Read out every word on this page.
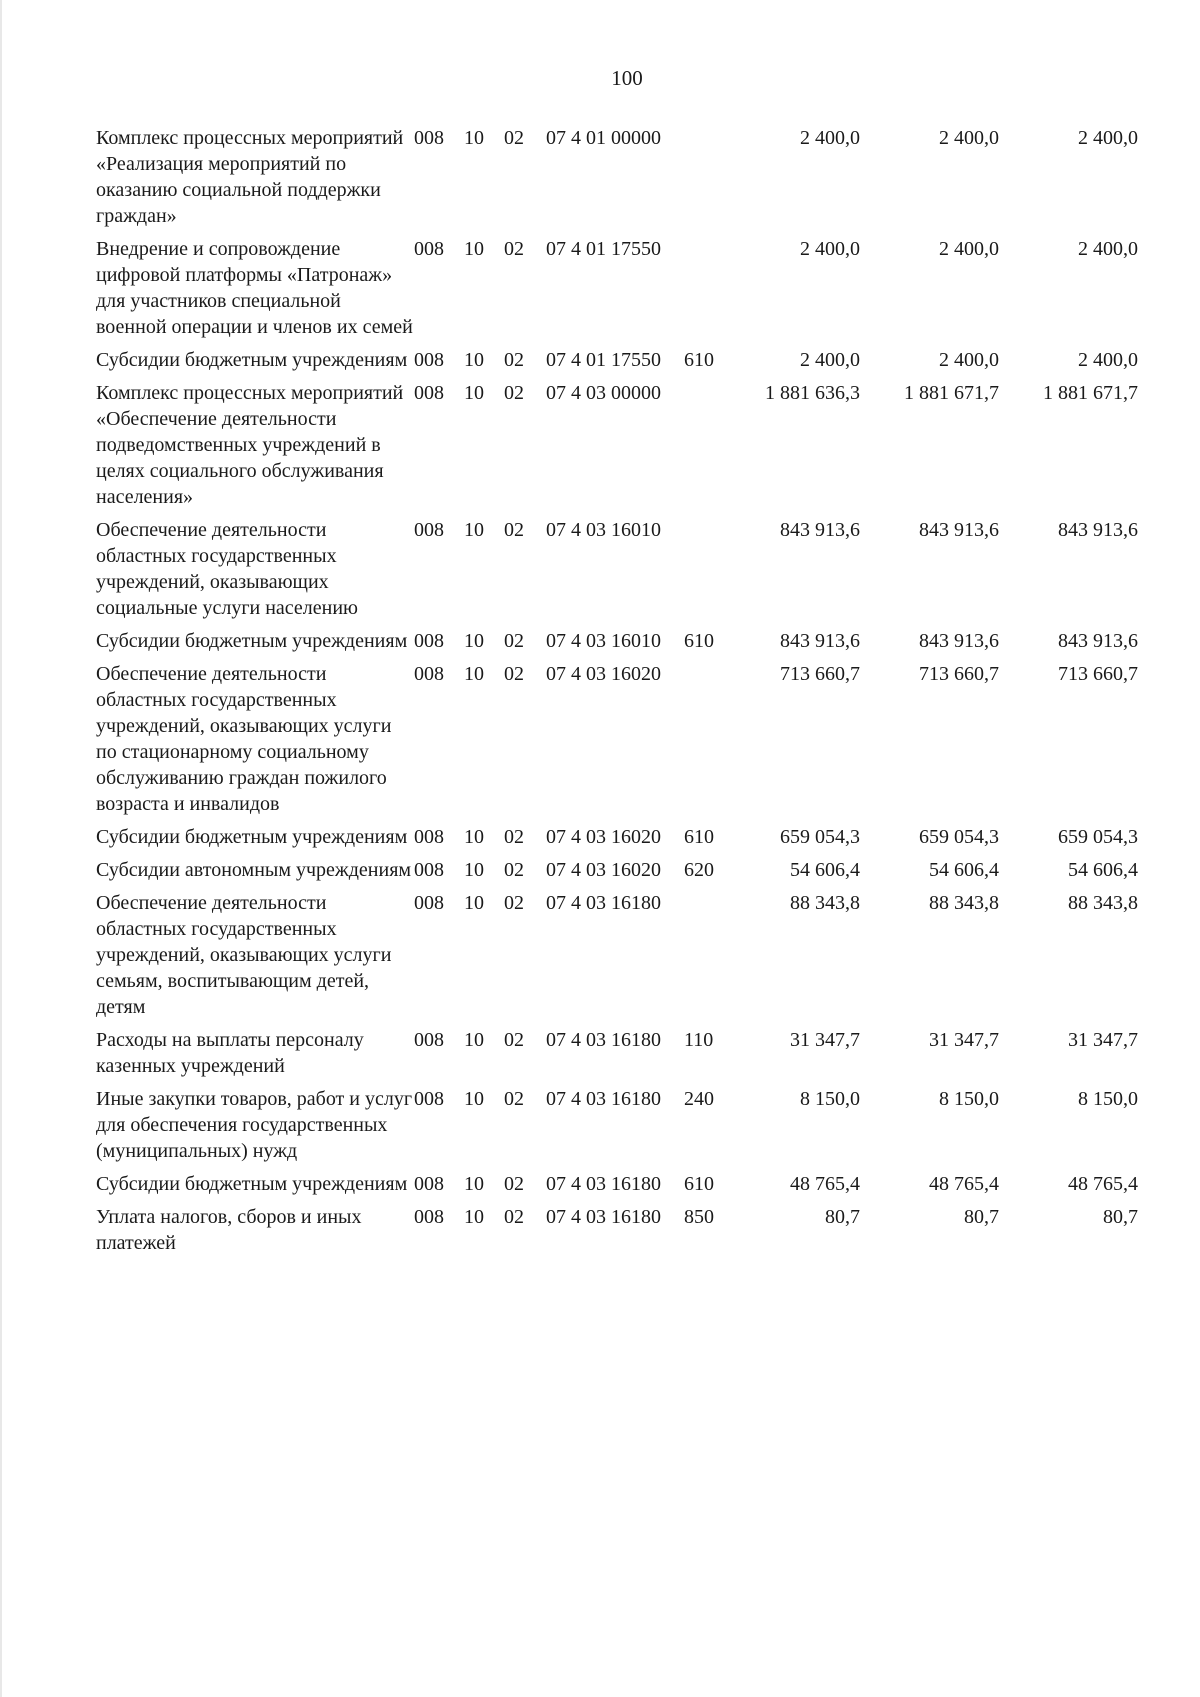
100
Комплекс процессных мероприятий «Реализация мероприятий по оказанию социальной поддержки граждан»	008	10	02	07 4 01 00000		2 400,0	2 400,0	2 400,0
Внедрение и сопровождение цифровой платформы «Патронаж» для участников специальной военной операции и членов их семей	008	10	02	07 4 01 17550		2 400,0	2 400,0	2 400,0
Субсидии бюджетным учреждениям	008	10	02	07 4 01 17550	610	2 400,0	2 400,0	2 400,0
Комплекс процессных мероприятий «Обеспечение деятельности подведомственных учреждений в целях социального обслуживания населения»	008	10	02	07 4 03 00000		1 881 636,3	1 881 671,7	1 881 671,7
Обеспечение деятельности областных государственных учреждений, оказывающих социальные услуги населению	008	10	02	07 4 03 16010		843 913,6	843 913,6	843 913,6
Субсидии бюджетным учреждениям	008	10	02	07 4 03 16010	610	843 913,6	843 913,6	843 913,6
Обеспечение деятельности областных государственных учреждений, оказывающих услуги по стационарному социальному обслуживанию граждан пожилого возраста и инвалидов	008	10	02	07 4 03 16020		713 660,7	713 660,7	713 660,7
Субсидии бюджетным учреждениям	008	10	02	07 4 03 16020	610	659 054,3	659 054,3	659 054,3
Субсидии автономным учреждениям	008	10	02	07 4 03 16020	620	54 606,4	54 606,4	54 606,4
Обеспечение деятельности областных государственных учреждений, оказывающих услуги семьям, воспитывающим детей, детям	008	10	02	07 4 03 16180		88 343,8	88 343,8	88 343,8
Расходы на выплаты персоналу казенных учреждений	008	10	02	07 4 03 16180	110	31 347,7	31 347,7	31 347,7
Иные закупки товаров, работ и услуг для обеспечения государственных (муниципальных) нужд	008	10	02	07 4 03 16180	240	8 150,0	8 150,0	8 150,0
Субсидии бюджетным учреждениям	008	10	02	07 4 03 16180	610	48 765,4	48 765,4	48 765,4
Уплата налогов, сборов и иных платежей	008	10	02	07 4 03 16180	850	80,7	80,7	80,7
